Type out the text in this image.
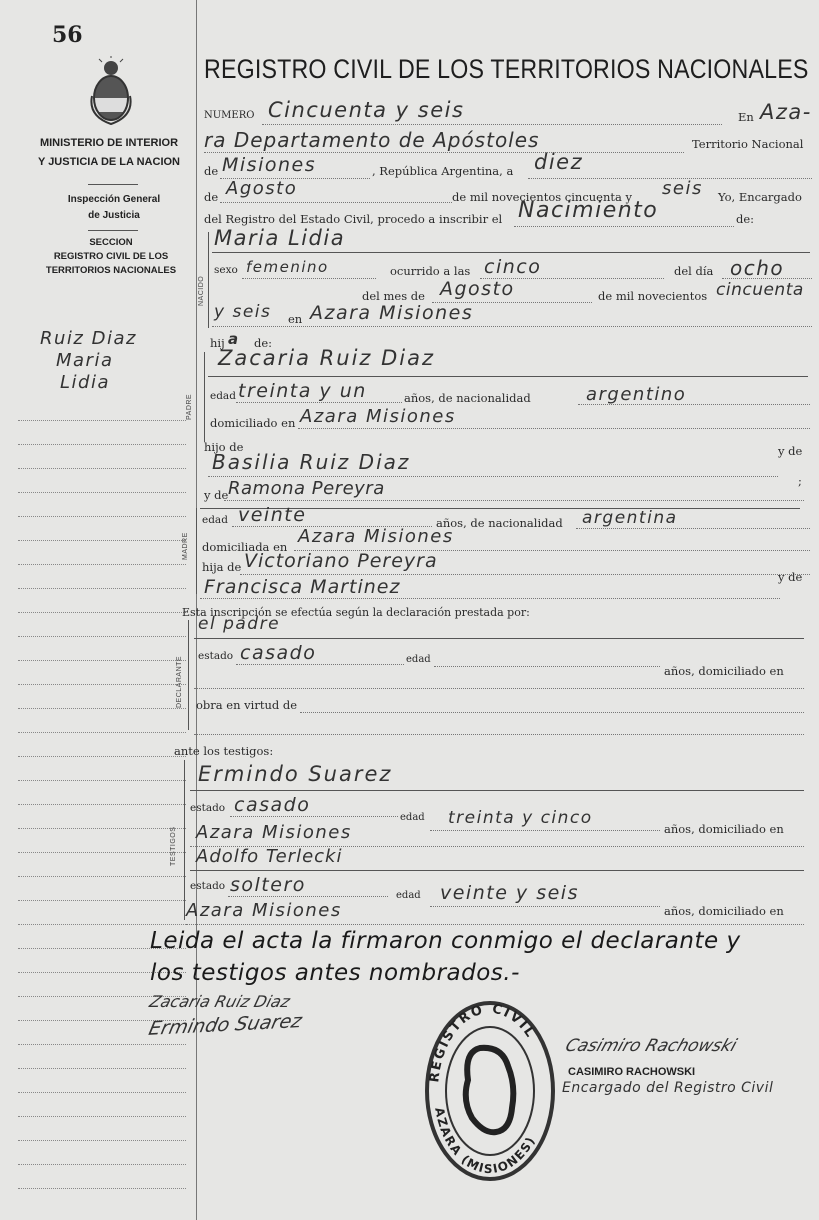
56
MINISTERIO DE INTERIOR
Y JUSTICIA DE LA NACION
Inspección General
de Justicia
SECCION
REGISTRO CIVIL DE LOS
TERRITORIOS NACIONALES
Ruiz Diaz
Maria
Lidia
REGISTRO CIVIL DE LOS TERRITORIOS NACIONALES
NUMERO Cincuenta y seis	En Aza-
ra Departamento de Apóstoles	Territorio Nacional
de Misiones	, República Argentina, a diez
de Agosto	de mil novecientos cincuenta y seis Yo, Encargado
del Registro del Estado Civil, procedo a inscribir el Nacimiento	de:
NACIDO
Maria Lidia
sexo femenino	ocurrido a las cinco	del día ocho
del mes de Agosto	de mil novecientos cincuenta
y seis en Azara Misiones
hij a de:
PADRE
Zacaria Ruiz Diaz
edad treinta y un	años, de nacionalidad	argentino
domiciliado en Azara Misiones
hijo de
Basilia Ruiz Diaz	y de
y de Ramona Pereyra	;
MADRE
edad veinte	años, de nacionalidad argentina
domiciliada en Azara Misiones
hija de Victoriano Pereyra
Francisca Martinez	y de
Esta inscripción se efectúa según la declaración prestada por:
DECLARANTE
el padre
estado casado	edad
años, domiciliado en
obra en virtud de
ante los testigos:
TESTIGOS
Ermindo Suarez
estado casado
edad treinta y cinco
años, domiciliado en
Azara Misiones
Adolfo Terlecki
estado soltero	edad veinte y seis
años, domiciliado en
Azara Misiones
Leida el acta la firmaron conmigo el declarante y
los testigos antes nombrados.-
Zacaria Ruiz Diaz
Ermindo Suarez
REGISTRO CIVIL
AZARA (MISIONES)
Casimiro Rachowski
CASIMIRO RACHOWSKI
Encargado del Registro Civil
